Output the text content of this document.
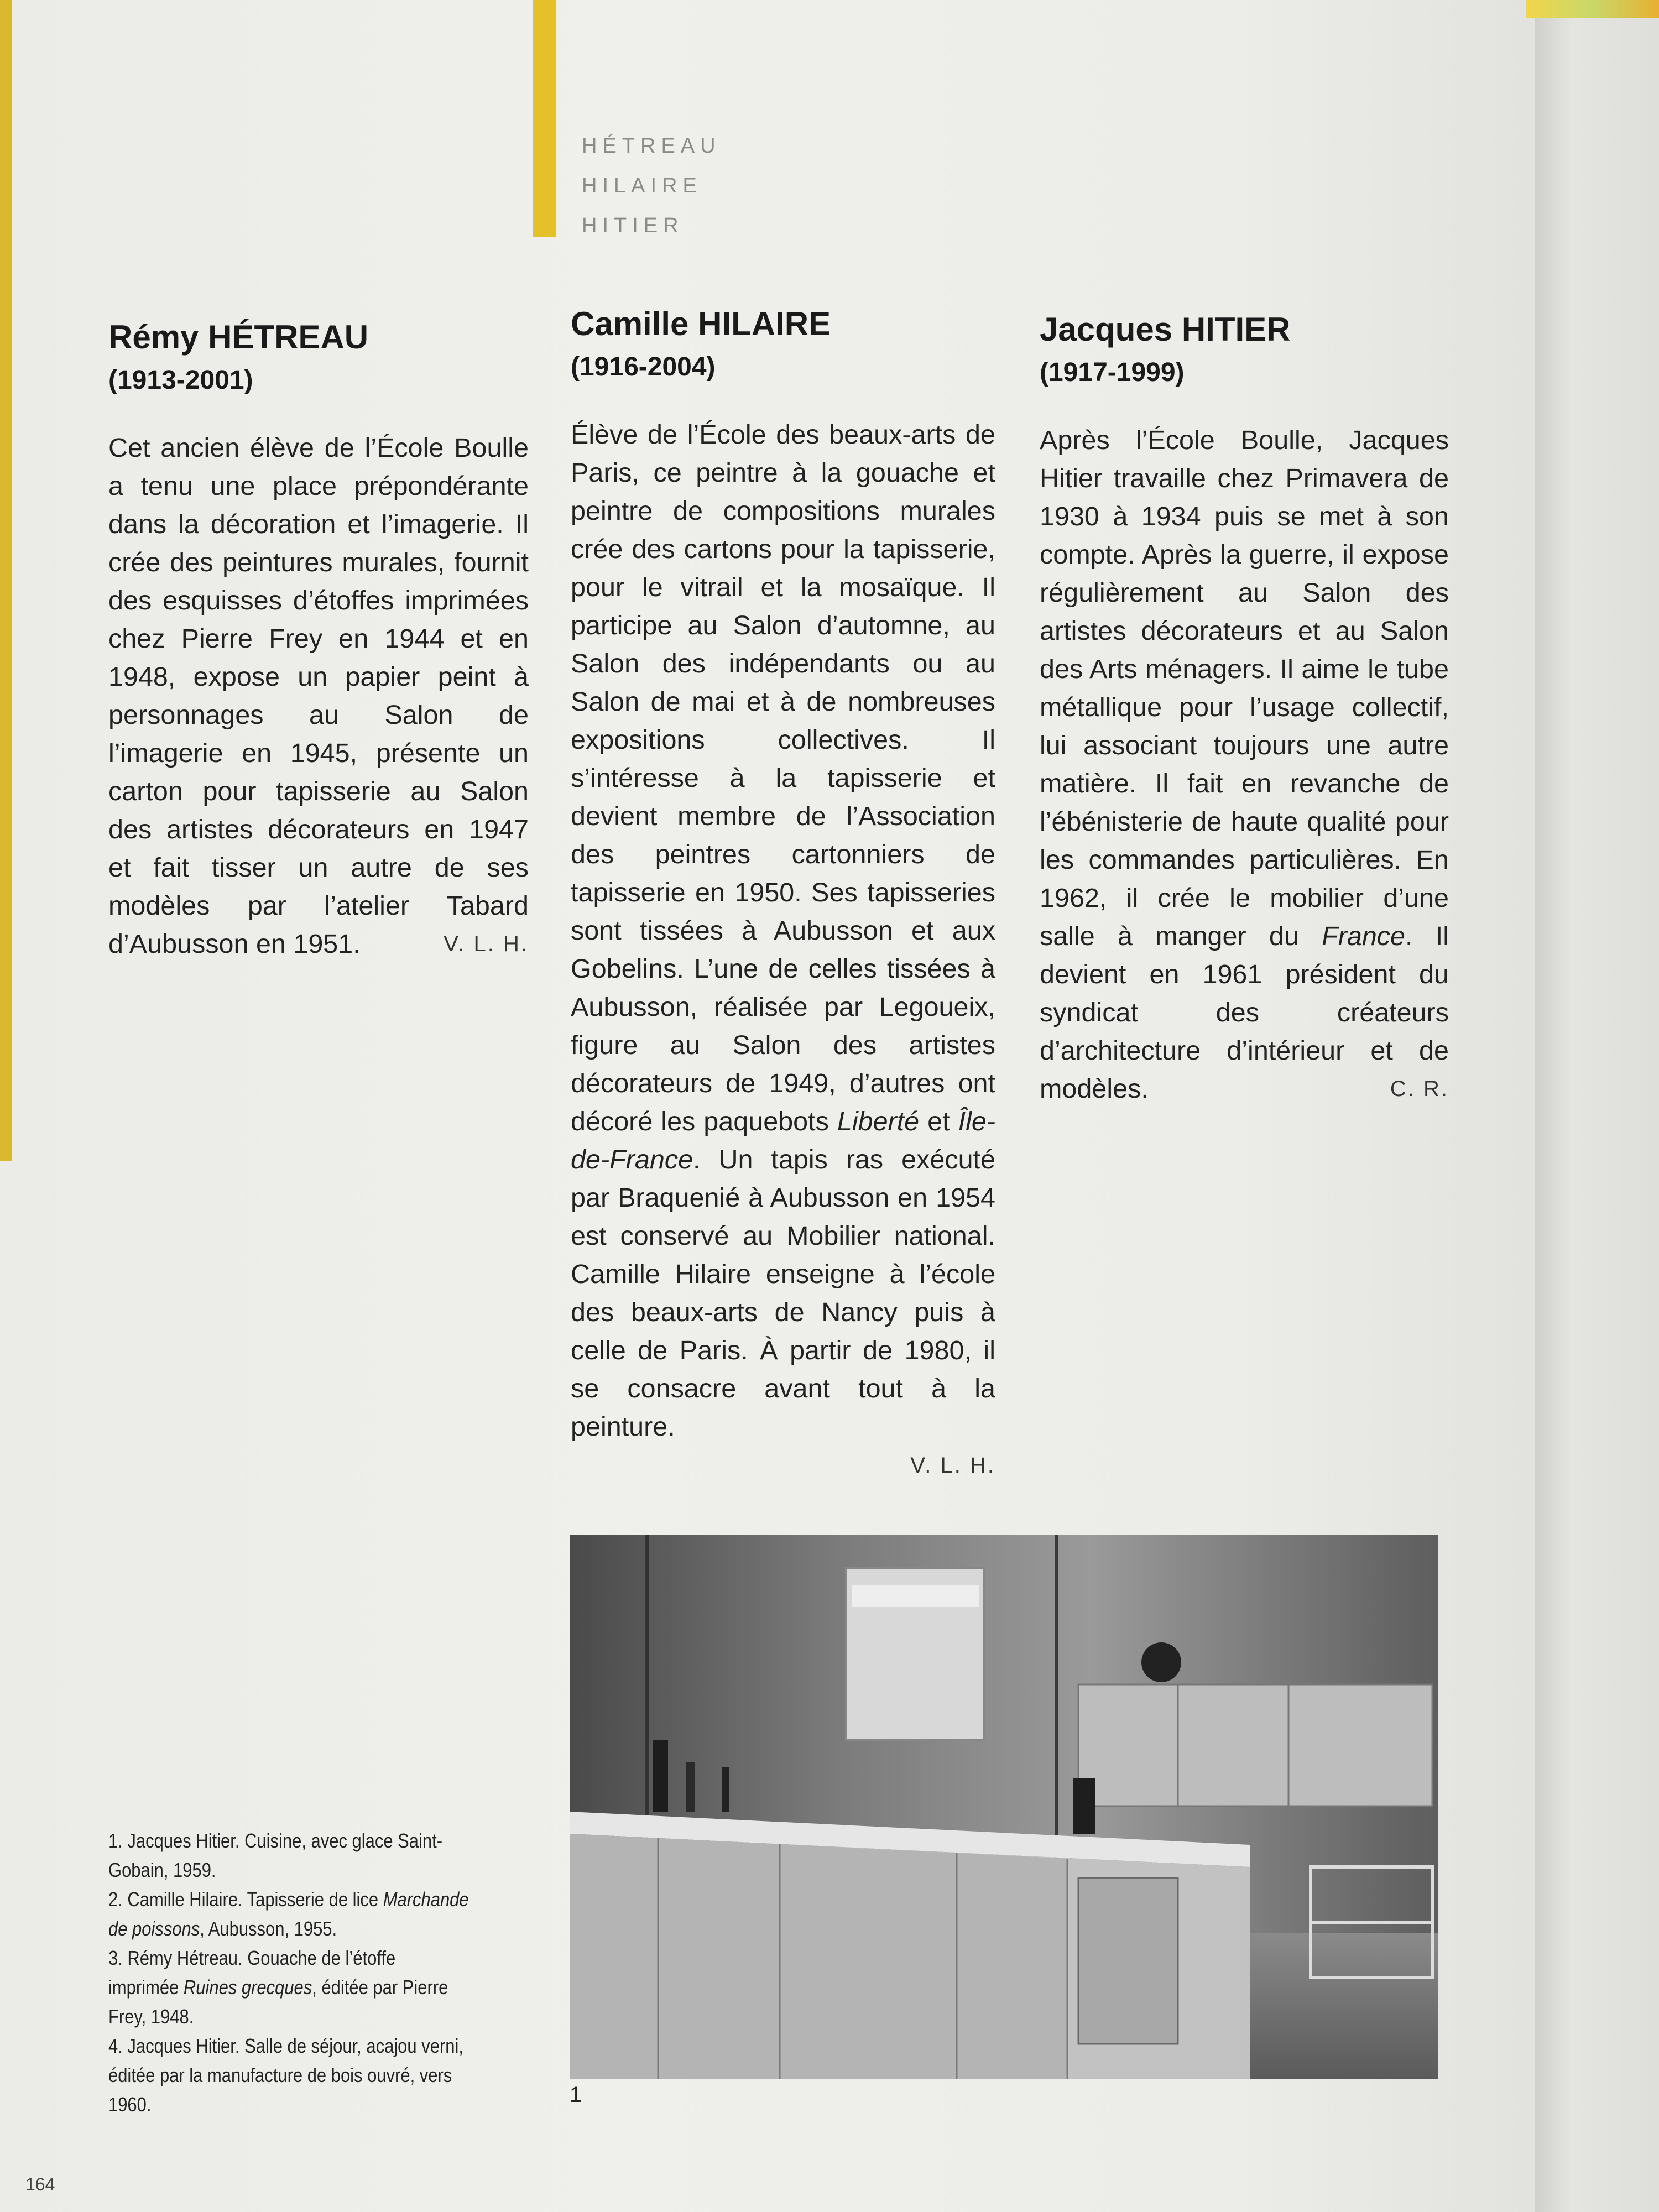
HÉTREAU
HILAIRE
HITIER
Rémy HÉTREAU
(1913-2001)
Cet ancien élève de l’École Boulle a tenu une place prépondérante dans la décoration et l’imagerie. Il crée des peintures murales, fournit des esquisses d’étoffes imprimées chez Pierre Frey en 1944 et en 1948, expose un papier peint à personnages au Salon de l’imagerie en 1945, présente un carton pour tapisserie au Salon des artistes décorateurs en 1947 et fait tisser un autre de ses modèles par l’atelier Tabard d’Aubusson en 1951.	V. L. H.
Camille HILAIRE
(1916-2004)
Élève de l’École des beaux-arts de Paris, ce peintre à la gouache et peintre de compositions murales crée des cartons pour la tapisserie, pour le vitrail et la mosaïque. Il participe au Salon d’automne, au Salon des indépendants ou au Salon de mai et à de nombreuses expositions collectives. Il s’intéresse à la tapisserie et devient membre de l’Association des peintres cartonniers de tapisserie en 1950. Ses tapisseries sont tissées à Aubusson et aux Gobelins. L’une de celles tissées à Aubusson, réalisée par Legoueix, figure au Salon des artistes décorateurs de 1949, d’autres ont décoré les paquebots Liberté et Île-de-France. Un tapis ras exécuté par Braquenié à Aubusson en 1954 est conservé au Mobilier national. Camille Hilaire enseigne à l’école des beaux-arts de Nancy puis à celle de Paris. À partir de 1980, il se consacre avant tout à la peinture.
V. L. H.
Jacques HITIER
(1917-1999)
Après l’École Boulle, Jacques Hitier travaille chez Primavera de 1930 à 1934 puis se met à son compte. Après la guerre, il expose régulièrement au Salon des artistes décorateurs et au Salon des Arts ménagers. Il aime le tube métallique pour l’usage collectif, lui associant toujours une autre matière. Il fait en revanche de l’ébénisterie de haute qualité pour les commandes particulières. En 1962, il crée le mobilier d’une salle à manger du France. Il devient en 1961 président du syndicat des créateurs d’architecture d’intérieur et de modèles.	C. R.
1
1. Jacques Hitier. Cuisine, avec glace Saint-Gobain, 1959.
2. Camille Hilaire. Tapisserie de lice Marchande de poissons, Aubusson, 1955.
3. Rémy Hétreau. Gouache de l’étoffe imprimée Ruines grecques, éditée par Pierre Frey, 1948.
4. Jacques Hitier. Salle de séjour, acajou verni, éditée par la manufacture de bois ouvré, vers 1960.
164
